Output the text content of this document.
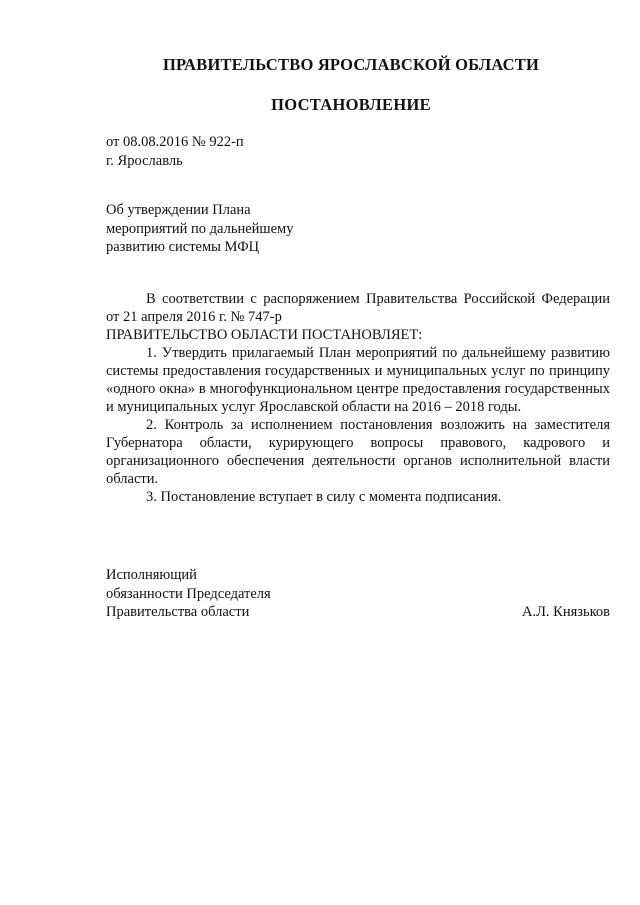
ПРАВИТЕЛЬСТВО ЯРОСЛАВСКОЙ ОБЛАСТИ
ПОСТАНОВЛЕНИЕ
от 08.08.2016 № 922-п
г. Ярославль
Об утверждении Плана
мероприятий по дальнейшему
развитию системы МФЦ

В соответствии с распоряжением Правительства Российской Федерации от 21 апреля 2016 г. № 747-р

ПРАВИТЕЛЬСТВО ОБЛАСТИ ПОСТАНОВЛЯЕТ:

1. Утвердить прилагаемый План мероприятий по дальнейшему развитию системы предоставления государственных и муниципальных услуг по принципу «одного окна» в многофункциональном центре предоставления государственных и муниципальных услуг Ярославской области на 2016 – 2018 годы.

2. Контроль за исполнением постановления возложить на заместителя Губернатора области, курирующего вопросы правового, кадрового и организационного обеспечения деятельности органов исполнительной власти области.

3. Постановление вступает в силу с момента подписания.

Исполняющий
обязанности Председателя
Правительства области	А.Л. Князьков
